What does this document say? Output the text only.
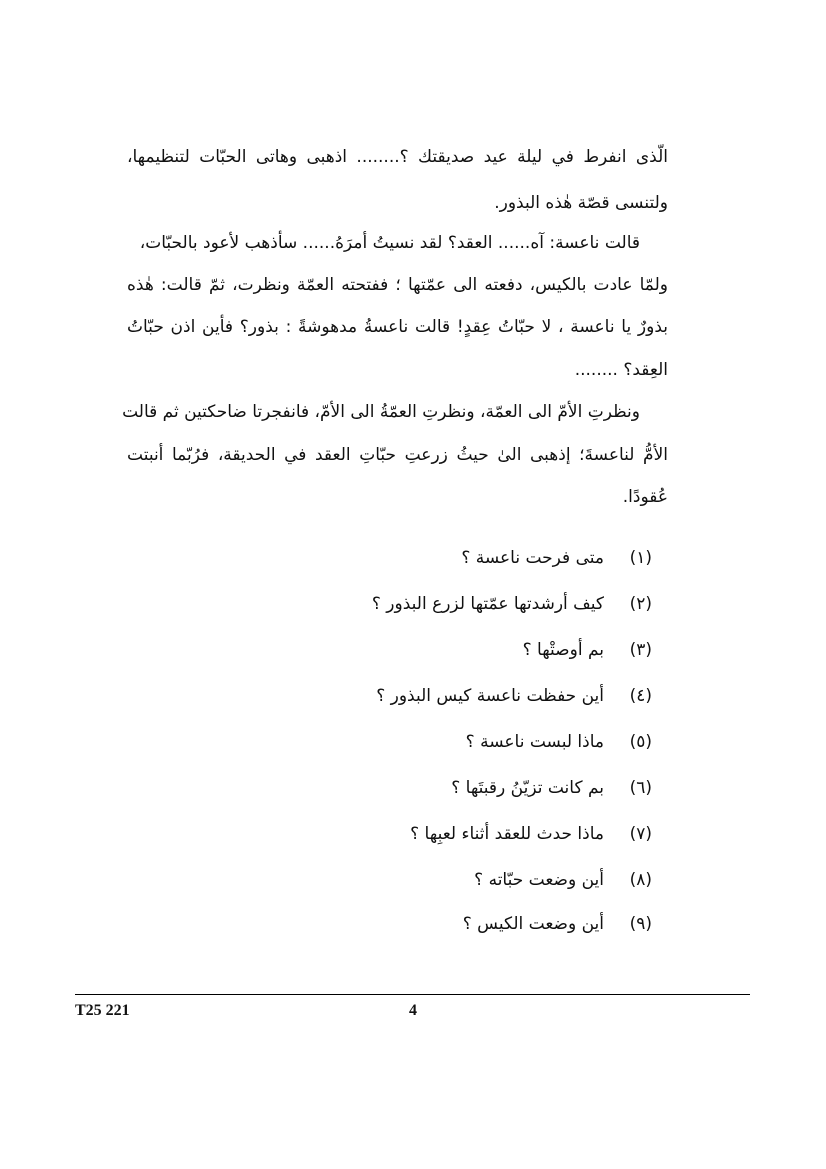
الّذى انفرط في ليلة عيد صديقتك ؟........ اذهبى وهاتى الحبّات لتنظيمها،
ولتنسى قصّة هٰذه البذور.
قالت ناعسة: آه...... العقد؟ لقد نسيتُ أمرَهُ...... سأذهب لأعود بالحبّات،
ولمّا عادت بالكيس، دفعته الى عمّتها ؛ ففتحته العمّة ونظرت، ثمّ قالت: هٰذه
بذورٌ يا ناعسة ، لا حبّاتُ عِقدٍ! قالت ناعسةُ مدهوشةً : بذور؟ فأين اذن حبّاتُ
العِقد؟ ........
ونظرتِ الأمّ الى العمّة، ونظرتِ العمّةُ الى الأمّ، فانفجرتا ضاحكتين ثم قالت
الأمُّ لناعسةَ؛ إذهبى الىٰ حيثُ زرعتِ حبّاتِ العقد في الحديقة، فرُبّما أنبتت
عُقودًا.
(١)
متى فرحت ناعسة ؟
(٢)
كيف أرشدتها عمّتها لزرع البذور ؟
(٣)
بم أوصتْها ؟
(٤)
أين حفظت ناعسة كيس البذور ؟
(٥)
ماذا لبست ناعسة ؟
(٦)
بم كانت تزيّنُ رقبتَها ؟
(٧)
ماذا حدث للعقد أثناء لعبِها ؟
(٨)
أين وضعت حبّاته ؟
(٩)
أين وضعت الكيس ؟
T25 221	4
